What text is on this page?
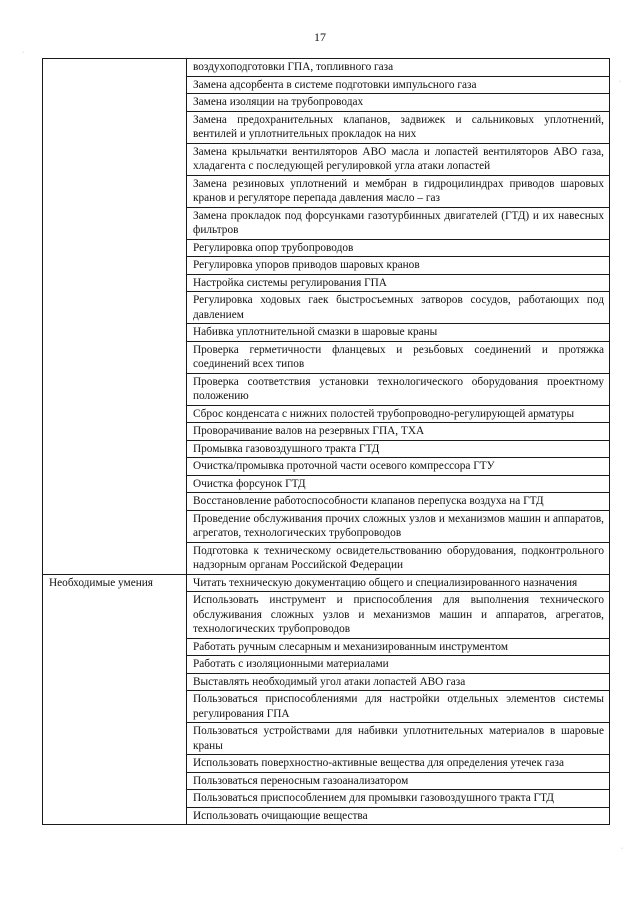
17
·
·
·
	воздухоподготовки ГПА, топливного газа
	Замена адсорбента в системе подготовки импульсного газа
	Замена изоляции на трубопроводах
	Замена предохранительных клапанов, задвижек и сальниковых уплотнений, вентилей и уплотнительных прокладок на них
	Замена крыльчатки вентиляторов АВО масла и лопастей вентиляторов АВО газа, хладагента с последующей регулировкой угла атаки лопастей
	Замена резиновых уплотнений и мембран в гидроцилиндрах приводов шаровых кранов и регуляторе перепада давления масло – газ
	Замена прокладок под форсунками газотурбинных двигателей (ГТД) и их навесных фильтров
	Регулировка опор трубопроводов
	Регулировка упоров приводов шаровых кранов
	Настройка системы регулирования ГПА
	Регулировка ходовых гаек быстросъемных затворов сосудов, работающих под давлением
	Набивка уплотнительной смазки в шаровые краны
	Проверка герметичности фланцевых и резьбовых соединений и протяжка соединений всех типов
	Проверка соответствия установки технологического оборудования проектному положению
	Сброс конденсата с нижних полостей трубопроводно-регулирующей арматуры
	Проворачивание валов на резервных ГПА, ТХА
	Промывка газовоздушного тракта ГТД
	Очистка/промывка проточной части осевого компрессора ГТУ
	Очистка форсунок ГТД
	Восстановление работоспособности клапанов перепуска воздуха на ГТД
	Проведение обслуживания прочих сложных узлов и механизмов машин и аппаратов, агрегатов, технологических трубопроводов
	Подготовка к техническому освидетельствованию оборудования, подконтрольного надзорным органам Российской Федерации
Необходимые умения	Читать техническую документацию общего и специализированного назначения
	Использовать инструмент и приспособления для выполнения технического обслуживания сложных узлов и механизмов машин и аппаратов, агрегатов, технологических трубопроводов
	Работать ручным слесарным и механизированным инструментом
	Работать с изоляционными материалами
	Выставлять необходимый угол атаки лопастей АВО газа
	Пользоваться приспособлениями для настройки отдельных элементов системы регулирования ГПА
	Пользоваться устройствами для набивки уплотнительных материалов в шаровые краны
	Использовать поверхностно-активные вещества для определения утечек газа
	Пользоваться переносным газоанализатором
	Пользоваться приспособлением для промывки газовоздушного тракта ГТД
	Использовать очищающие вещества
